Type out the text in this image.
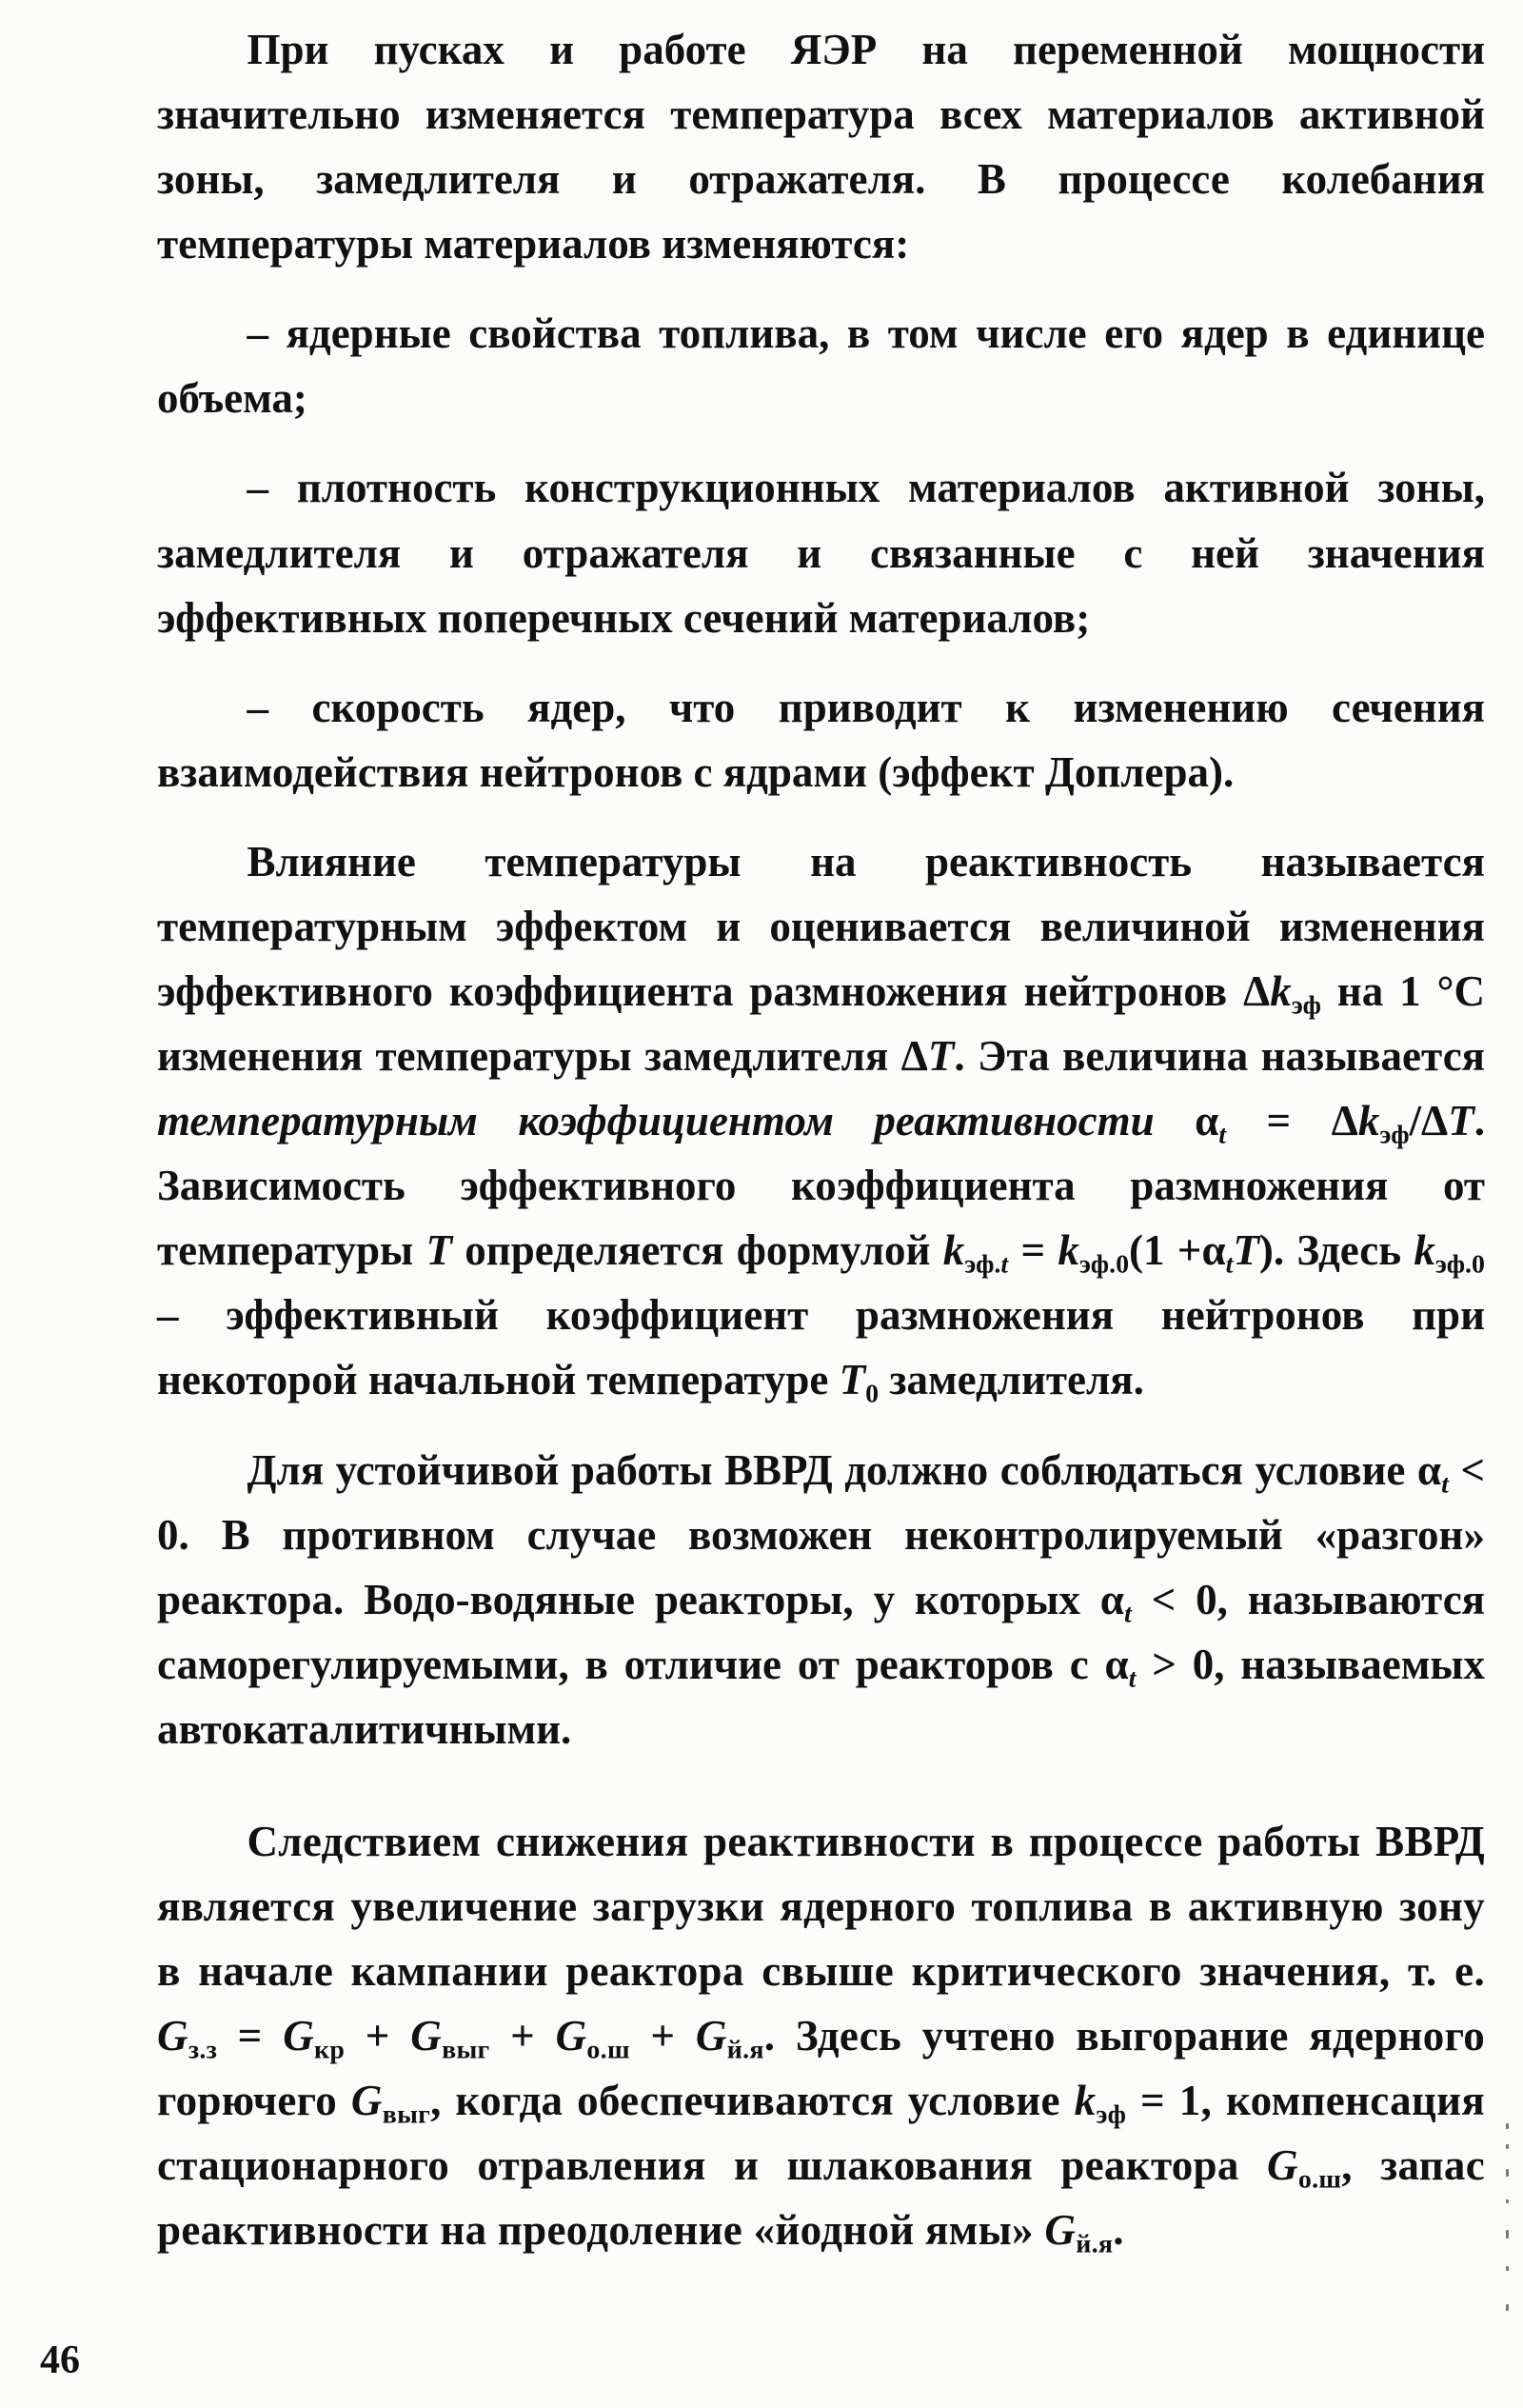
При пусках и работе ЯЭР на переменной мощности значительно изменяется температура всех материалов активной зоны, замедлителя и отражателя. В процессе колебания температуры материалов изменяются:

– ядерные свойства топлива, в том числе его ядер в единице объема;

– плотность конструкционных материалов активной зоны, замедлителя и отражателя и связанные с ней значения эффективных поперечных сечений материалов;

– скорость ядер, что приводит к изменению сечения взаимодействия нейтронов с ядрами (эффект Доплера).

Влияние температуры на реактивность называется температурным эффектом и оценивается величиной изменения эффективного коэффициента размножения нейтронов $\Delta k_{эф}$ на 1 °С изменения температуры замедлителя ΔT. Эта величина называется температурным коэффициентом реактивности $\alpha_t = \Delta k_{эф}/\Delta T$. Зависимость эффективного коэффициента размножения от температуры T определяется формулой $k_{эф.t} = k_{эф.0}(1 +\alpha_tT)$. Здесь $k_{эф.0}$ – эффективный коэффициент размножения нейтронов при некоторой начальной температуре $T_0$ замедлителя.

Для устойчивой работы ВВРД должно соблюдаться условие $\alpha_t < 0$. В противном случае возможен неконтролируемый «разгон» реактора. Водо-водяные реакторы, у которых $\alpha_t < 0$, называются саморегулируемыми, в отличие от реакторов с $\alpha_t > 0$, называемых автокаталитичными.

Следствием снижения реактивности в процессе работы ВВРД является увеличение загрузки ядерного топлива в активную зону в начале кампании реактора свыше критического значения, т. е. $G_{з.з} = G_{кр} + G_{выг} + G_{о.ш} + G_{й.я}$. Здесь учтено выгорание ядерного горючего $G_{выг}$, когда обеспечиваются условие $k_{эф} = 1$, компенсация стационарного отравления и шлакования реактора $G_{о.ш}$, запас реактивности на преодоление «йодной ямы» $G_{й.я}$.

46
